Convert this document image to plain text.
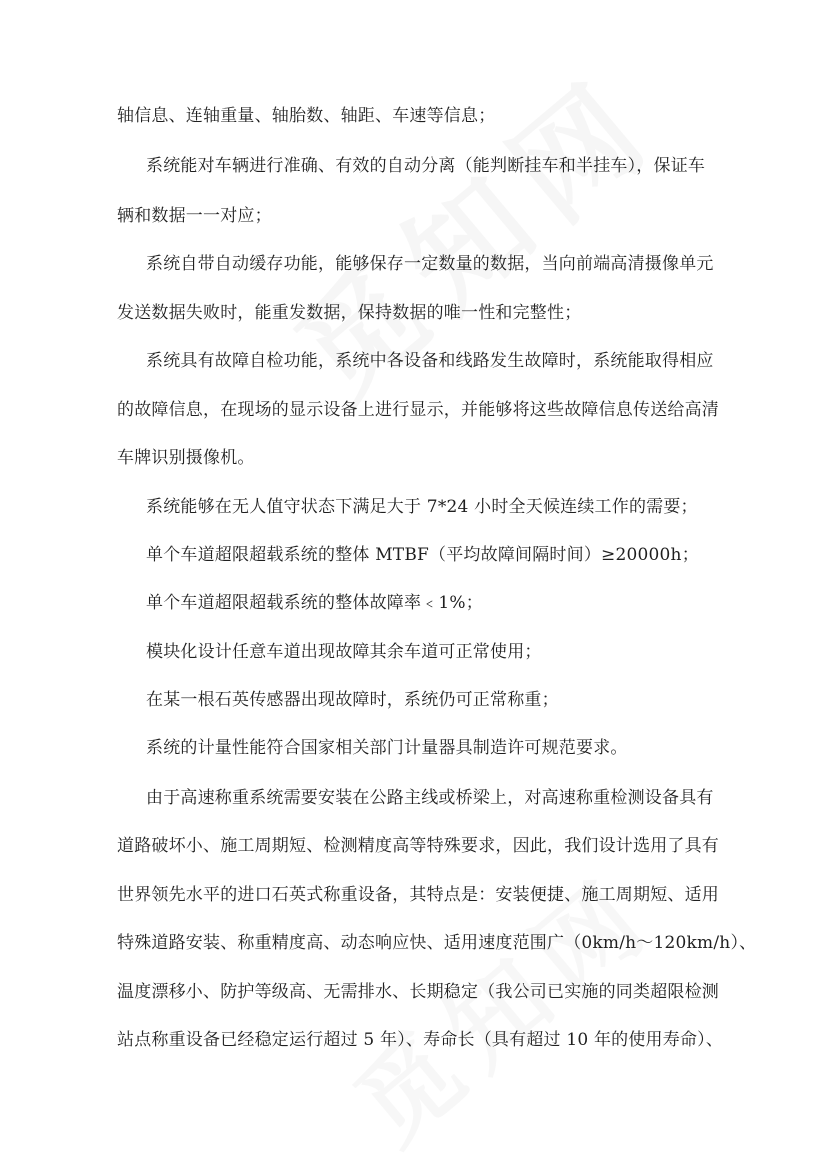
轴信息、连轴重量、轴胎数、轴距、车速等信息；
系统能对车辆进行准确、有效的自动分离（能判断挂车和半挂车），保证车
辆和数据一一对应；
系统自带自动缓存功能，能够保存一定数量的数据，当向前端高清摄像单元
发送数据失败时，能重发数据，保持数据的唯一性和完整性；
系统具有故障自检功能，系统中各设备和线路发生故障时，系统能取得相应
的故障信息，在现场的显示设备上进行显示，并能够将这些故障信息传送给高清
车牌识别摄像机。
系统能够在无人值守状态下满足大于 7*24 小时全天候连续工作的需要；
单个车道超限超载系统的整体 MTBF（平均故障间隔时间）≥20000h；
单个车道超限超载系统的整体故障率﹤1%；
模块化设计任意车道出现故障其余车道可正常使用；
在某一根石英传感器出现故障时，系统仍可正常称重；
系统的计量性能符合国家相关部门计量器具制造许可规范要求。
由于高速称重系统需要安装在公路主线或桥梁上，对高速称重检测设备具有
道路破坏小、施工周期短、检测精度高等特殊要求，因此，我们设计选用了具有
世界领先水平的进口石英式称重设备，其特点是：安装便捷、施工周期短、适用
特殊道路安装、称重精度高、动态响应快、适用速度范围广（0km/h～120km/h）、
温度漂移小、防护等级高、无需排水、长期稳定（我公司已实施的同类超限检测
站点称重设备已经稳定运行超过 5 年）、寿命长（具有超过 10 年的使用寿命）、
